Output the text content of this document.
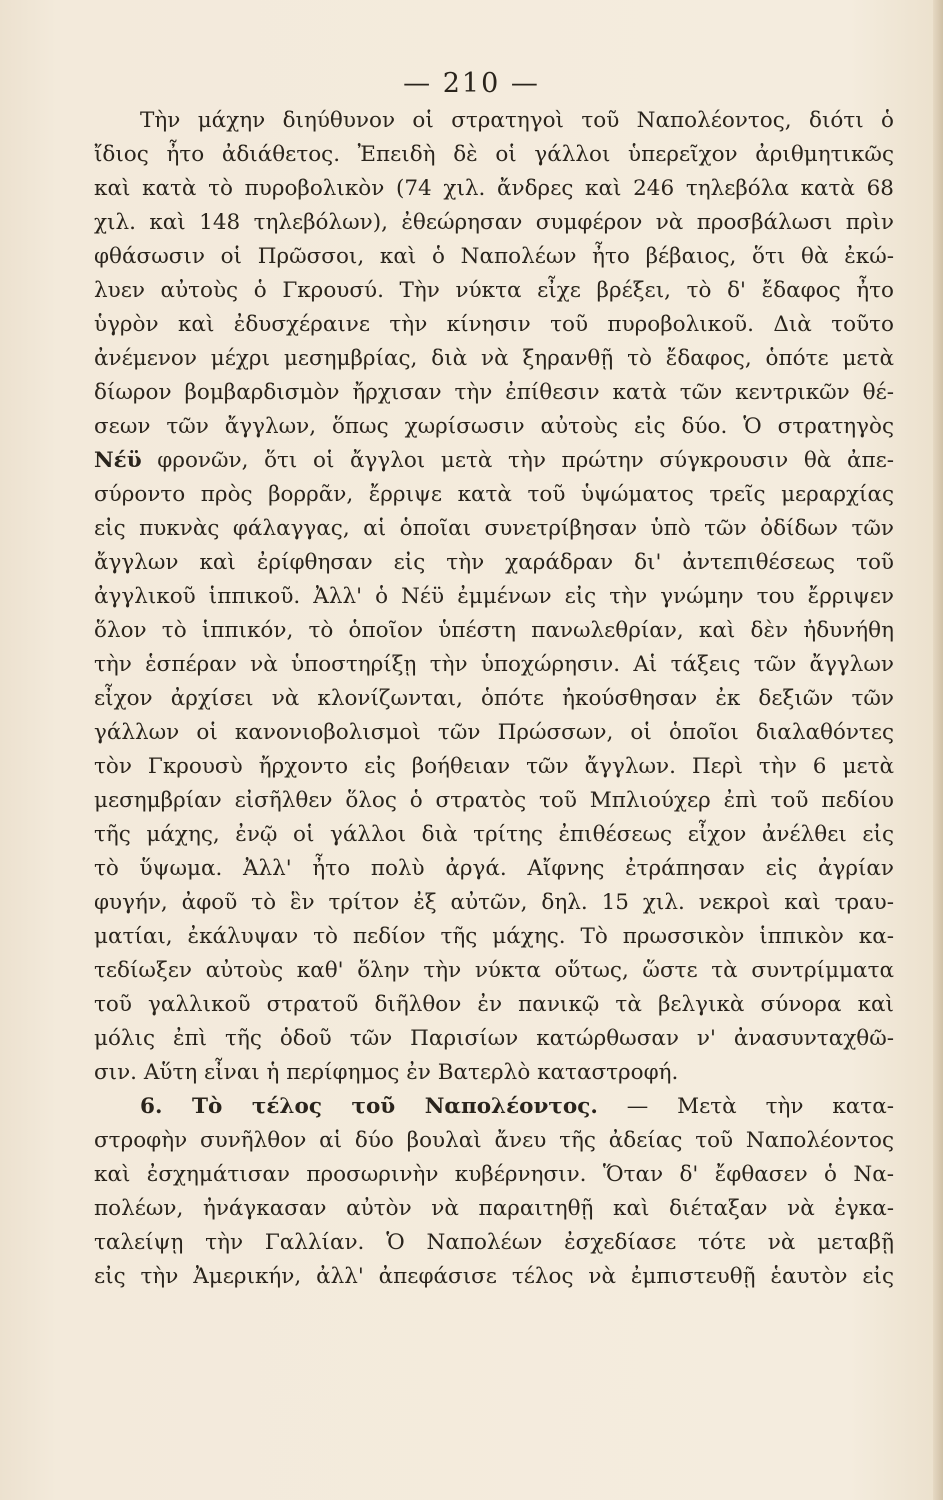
— 210 —
Τὴν μάχην διηύθυνον οἱ στρατηγοὶ τοῦ Ναπολέοντος, διότι ὁ
ἴδιος ἦτο ἀδιάθετος. Ἐπειδὴ δὲ οἱ γάλλοι ὑπερεῖχον ἀριθμητικῶς
καὶ κατὰ τὸ πυροβολικὸν (74 χιλ. ἄνδρες καὶ 246 τηλεβόλα κατὰ 68
χιλ. καὶ 148 τηλεβόλων), ἐθεώρησαν συμφέρον νὰ προσβάλωσι πρὶν
φθάσωσιν οἱ Πρῶσσοι, καὶ ὁ Ναπολέων ἦτο βέβαιος, ὅτι θὰ ἐκώ-
λυεν αὐτοὺς ὁ Γκρουσύ. Τὴν νύκτα εἶχε βρέξει, τὸ δ' ἔδαφος ἦτο
ὑγρὸν καὶ ἐδυσχέραινε τὴν κίνησιν τοῦ πυροβολικοῦ. Διὰ τοῦτο
ἀνέμενον μέχρι μεσημβρίας, διὰ νὰ ξηρανθῇ τὸ ἔδαφος, ὁπότε μετὰ
δίωρον βομβαρδισμὸν ἤρχισαν τὴν ἐπίθεσιν κατὰ τῶν κεντρικῶν θέ-
σεων τῶν ἄγγλων, ὅπως χωρίσωσιν αὐτοὺς εἰς δύο. Ὁ στρατηγὸς
Νέϋ φρονῶν, ὅτι οἱ ἄγγλοι μετὰ τὴν πρώτην σύγκρουσιν θὰ ἀπε-
σύροντο πρὸς βορρᾶν, ἔρριψε κατὰ τοῦ ὑψώματος τρεῖς μεραρχίας
εἰς πυκνὰς φάλαγγας, αἱ ὁποῖαι συνετρίβησαν ὑπὸ τῶν ὀδίδων τῶν
ἄγγλων καὶ ἐρίφθησαν εἰς τὴν χαράδραν δι' ἀντεπιθέσεως τοῦ
ἀγγλικοῦ ἱππικοῦ. Ἀλλ' ὁ Νέϋ ἐμμένων εἰς τὴν γνώμην του ἔρριψεν
ὅλον τὸ ἱππικόν, τὸ ὁποῖον ὑπέστη πανωλεθρίαν, καὶ δὲν ἠδυνήθη
τὴν ἑσπέραν νὰ ὑποστηρίξῃ τὴν ὑποχώρησιν. Αἱ τάξεις τῶν ἄγγλων
εἶχον ἀρχίσει νὰ κλονίζωνται, ὁπότε ἠκούσθησαν ἐκ δεξιῶν τῶν
γάλλων οἱ κανονιοβολισμοὶ τῶν Πρώσσων, οἱ ὁποῖοι διαλαθόντες
τὸν Γκρουσὺ ἤρχοντο εἰς βοήθειαν τῶν ἄγγλων. Περὶ τὴν 6 μετὰ
μεσημβρίαν εἰσῆλθεν ὅλος ὁ στρατὸς τοῦ Μπλιούχερ ἐπὶ τοῦ πεδίου
τῆς μάχης, ἐνῷ οἱ γάλλοι διὰ τρίτης ἐπιθέσεως εἶχον ἀνέλθει εἰς
τὸ ὕψωμα. Ἀλλ' ἦτο πολὺ ἀργά. Αἴφνης ἐτράπησαν εἰς ἀγρίαν
φυγήν, ἀφοῦ τὸ ἓν τρίτον ἐξ αὐτῶν, δηλ. 15 χιλ. νεκροὶ καὶ τραυ-
ματίαι, ἐκάλυψαν τὸ πεδίον τῆς μάχης. Τὸ πρωσσικὸν ἱππικὸν κα-
τεδίωξεν αὐτοὺς καθ' ὅλην τὴν νύκτα οὕτως, ὥστε τὰ συντρίμματα
τοῦ γαλλικοῦ στρατοῦ διῆλθον ἐν πανικῷ τὰ βελγικὰ σύνορα καὶ
μόλις ἐπὶ τῆς ὁδοῦ τῶν Παρισίων κατώρθωσαν ν' ἀνασυνταχθῶ-
σιν. Αὕτη εἶναι ἡ περίφημος ἐν Βατερλὸ καταστροφή.
6. Τὸ τέλος τοῦ Ναπολέοντος. — Μετὰ τὴν κατα-
στροφὴν συνῆλθον αἱ δύο βουλαὶ ἄνευ τῆς ἀδείας τοῦ Ναπολέοντος
καὶ ἐσχημάτισαν προσωρινὴν κυβέρνησιν. Ὅταν δ' ἔφθασεν ὁ Να-
πολέων, ἠνάγκασαν αὐτὸν νὰ παραιτηθῇ καὶ διέταξαν νὰ ἐγκα-
ταλείψῃ τὴν Γαλλίαν. Ὁ Ναπολέων ἐσχεδίασε τότε νὰ μεταβῇ
εἰς τὴν Ἀμερικήν, ἀλλ' ἀπεφάσισε τέλος νὰ ἐμπιστευθῇ ἑαυτὸν εἰς
